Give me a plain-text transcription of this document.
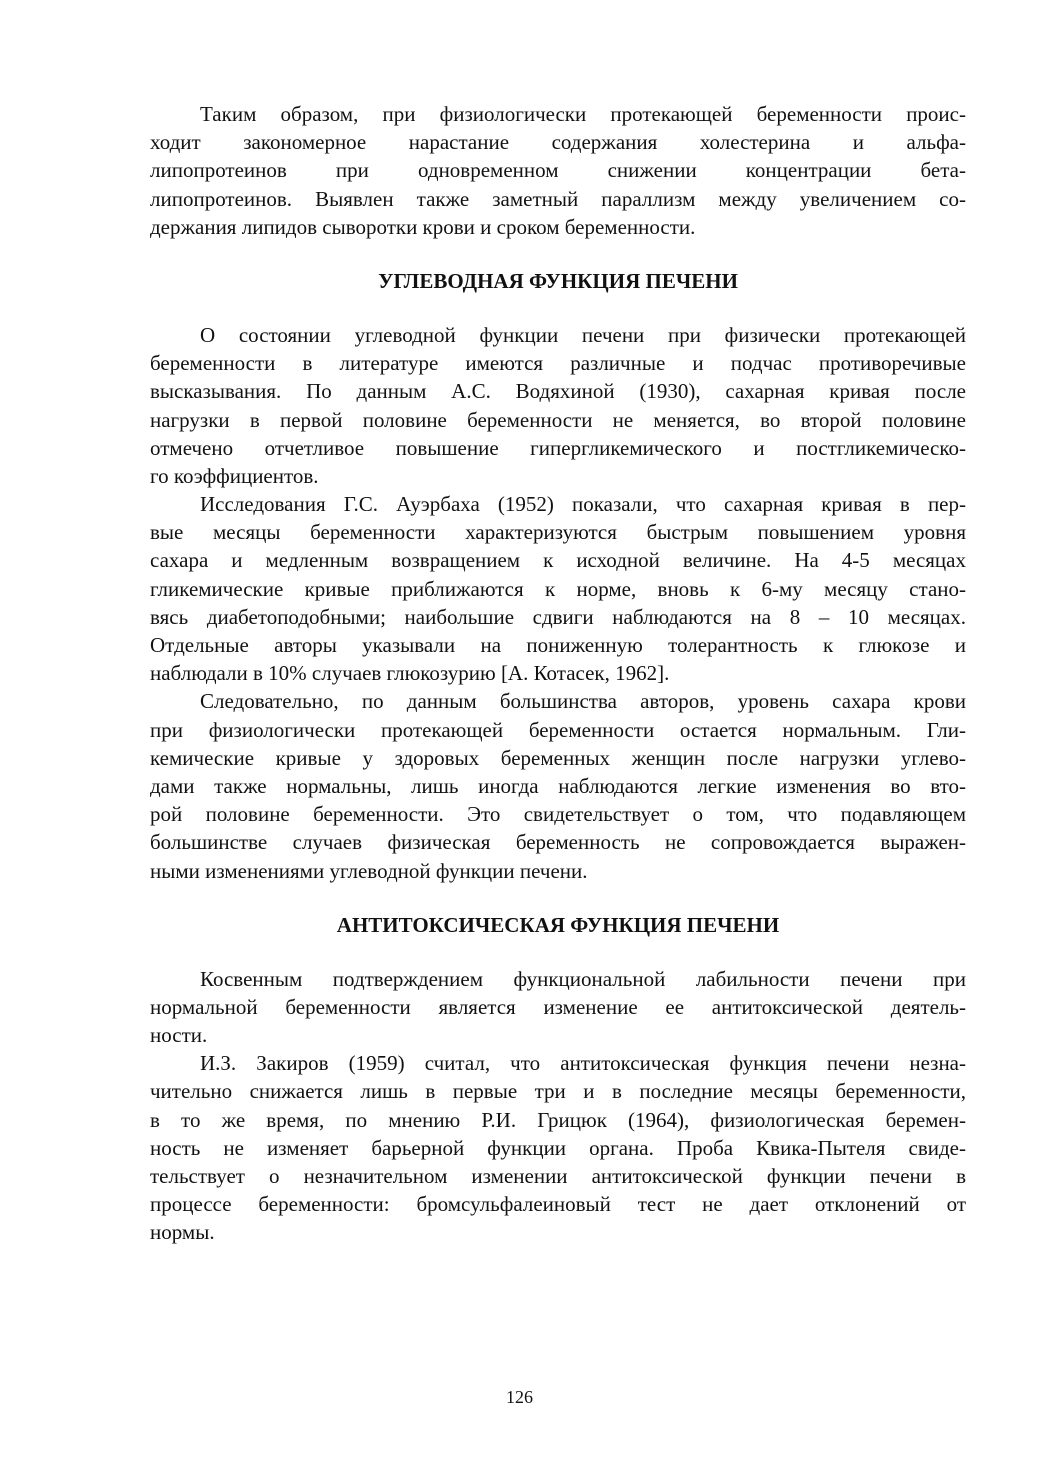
Таким образом, при физиологически протекающей беременности проис-
ходит закономерное нарастание содержания холестерина и альфа-
липопротеинов при одновременном снижении концентрации бета-
липопротеинов. Выявлен также заметный параллизм между увеличением со-
держания липидов сыворотки крови и сроком беременности.
УГЛЕВОДНАЯ ФУНКЦИЯ ПЕЧЕНИ
О состоянии углеводной функции печени при физически протекающей
беременности в литературе имеются различные и подчас противоречивые
высказывания. По данным А.С. Водяхиной (1930), сахарная кривая после
нагрузки в первой половине беременности не меняется, во второй половине
отмечено отчетливое повышение гипергликемического и постгликемическо-
го коэффициентов.
Исследования Г.С. Ауэрбаха (1952) показали, что сахарная кривая в пер-
вые месяцы беременности характеризуются быстрым повышением уровня
сахара и медленным возвращением к исходной величине. На 4-5 месяцах
гликемические кривые приближаются к норме, вновь к 6-му месяцу стано-
вясь диабетоподобными; наибольшие сдвиги наблюдаются на 8 – 10 месяцах.
Отдельные авторы указывали на пониженную толерантность к глюкозе и
наблюдали в 10% случаев глюкозурию [А. Котасек, 1962].
Следовательно, по данным большинства авторов, уровень сахара крови
при физиологически протекающей беременности остается нормальным. Гли-
кемические кривые у здоровых беременных женщин после нагрузки углево-
дами также нормальны, лишь иногда наблюдаются легкие изменения во вто-
рой половине беременности. Это свидетельствует о том, что подавляющем
большинстве случаев физическая беременность не сопровождается выражен-
ными изменениями углеводной функции печени.
АНТИТОКСИЧЕСКАЯ ФУНКЦИЯ ПЕЧЕНИ
Косвенным подтверждением функциональной лабильности печени при
нормальной беременности является изменение ее антитоксической деятель-
ности.
И.З. Закиров (1959) считал, что антитоксическая функция печени незна-
чительно снижается лишь в первые три и в последние месяцы беременности,
в то же время, по мнению Р.И. Грицюк (1964), физиологическая беремен-
ность не изменяет барьерной функции органа. Проба Квика-Пытеля свиде-
тельствует о незначительном изменении антитоксической функции печени в
процессе беременности: бромсульфалеиновый тест не дает отклонений от
нормы.
126
